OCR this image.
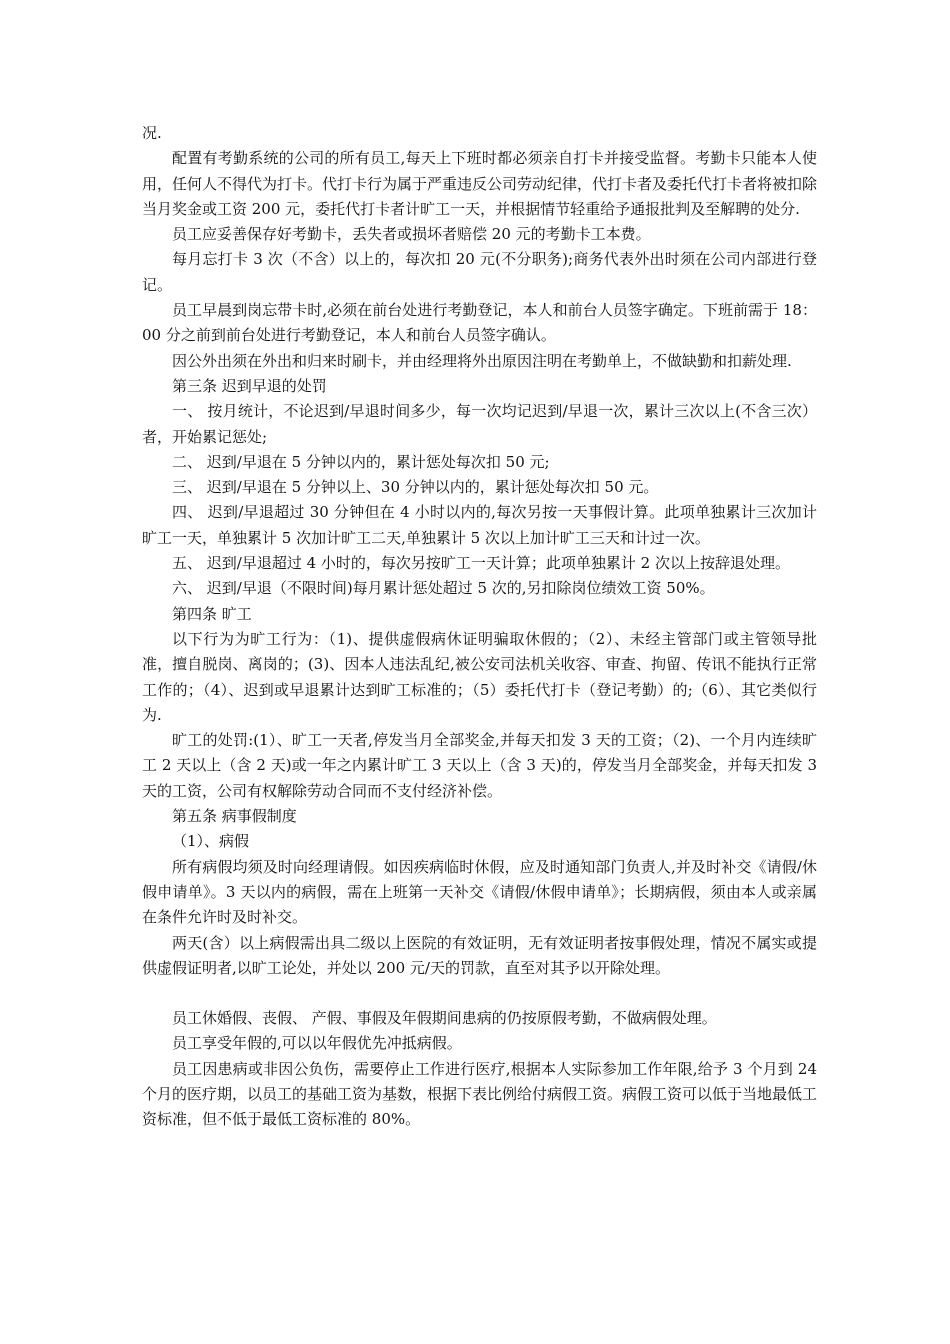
况.

配置有考勤系统的公司的所有员工,每天上下班时都必须亲自打卡并接受监督。考勤卡只能本人使用，任何人不得代为打卡。代打卡行为属于严重违反公司劳动纪律，代打卡者及委托代打卡者将被扣除当月奖金或工资 200 元，委托代打卡者计旷工一天，并根据情节轻重给予通报批判及至解聘的处分.

员工应妥善保存好考勤卡，丢失者或损坏者赔偿 20 元的考勤卡工本费。

每月忘打卡 3 次（不含）以上的，每次扣 20 元(不分职务);商务代表外出时须在公司内部进行登记。

员工早晨到岗忘带卡时,必须在前台处进行考勤登记，本人和前台人员签字确定。下班前需于 18：00 分之前到前台处进行考勤登记，本人和前台人员签字确认。

因公外出须在外出和归来时刷卡，并由经理将外出原因注明在考勤单上，不做缺勤和扣薪处理.

第三条 迟到早退的处罚

一、 按月统计，不论迟到/早退时间多少，每一次均记迟到/早退一次，累计三次以上(不含三次）者，开始累记惩处;

二、 迟到/早退在 5 分钟以内的，累计惩处每次扣 50 元;

三、 迟到/早退在 5 分钟以上、30 分钟以内的，累计惩处每次扣 50 元。

四、 迟到/早退超过 30 分钟但在 4 小时以内的,每次另按一天事假计算。此项单独累计三次加计旷工一天，单独累计 5 次加计旷工二天,单独累计 5 次以上加计旷工三天和计过一次。

五、 迟到/早退超过 4 小时的，每次另按旷工一天计算；此项单独累计 2 次以上按辞退处理。

六、 迟到/早退（不限时间)每月累计惩处超过 5 次的,另扣除岗位绩效工资 50%。

第四条 旷工

以下行为为旷工行为：（1)、提供虚假病休证明骗取休假的；（2）、未经主管部门或主管领导批准，擅自脱岗、离岗的；(3)、因本人违法乱纪,被公安司法机关收容、审查、拘留、传讯不能执行正常工作的；（4）、迟到或早退累计达到旷工标准的；（5）委托代打卡（登记考勤）的;（6）、其它类似行为.

旷工的处罚:(1）、旷工一天者,停发当月全部奖金,并每天扣发 3 天的工资；（2)、一个月内连续旷工 2 天以上（含 2 天)或一年之内累计旷工 3 天以上（含 3 天)的，停发当月全部奖金，并每天扣发 3 天的工资，公司有权解除劳动合同而不支付经济补偿。

第五条 病事假制度

（1）、病假

所有病假均须及时向经理请假。如因疾病临时休假，应及时通知部门负责人,并及时补交《请假/休假申请单》。3 天以内的病假，需在上班第一天补交《请假/休假申请单》；长期病假，须由本人或亲属在条件允许时及时补交。

两天(含）以上病假需出具二级以上医院的有效证明，无有效证明者按事假处理，情况不属实或提供虚假证明者,以旷工论处，并处以 200 元/天的罚款，直至对其予以开除处理。

员工休婚假、丧假、 产假、事假及年假期间患病的仍按原假考勤，不做病假处理。

员工享受年假的,可以以年假优先冲抵病假。

员工因患病或非因公负伤，需要停止工作进行医疗,根据本人实际参加工作年限,给予 3 个月到 24 个月的医疗期，以员工的基础工资为基数，根据下表比例给付病假工资。病假工资可以低于当地最低工资标准，但不低于最低工资标准的 80%。
